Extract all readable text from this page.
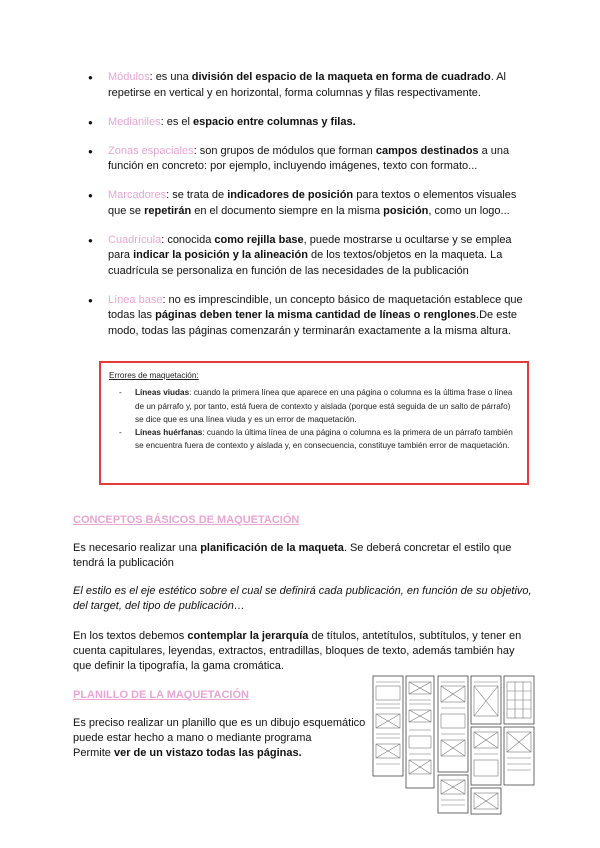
● Módulos: es una división del espacio de la maqueta en forma de cuadrado. Al repetirse en vertical y en horizontal, forma columnas y filas respectivamente.
● Medianiles: es el espacio entre columnas y filas.
● Zonas espaciales: son grupos de módulos que forman campos destinados a una función en concreto: por ejemplo, incluyendo imágenes, texto con formato...
● Marcadores: se trata de indicadores de posición para textos o elementos visuales que se repetirán en el documento siempre en la misma posición, como un logo...
● Cuadrícula: conocida como rejilla base, puede mostrarse u ocultarse y se emplea para indicar la posición y la alineación de los textos/objetos en la maqueta. La cuadrícula se personaliza en función de las necesidades de la publicación
● Línea base: no es imprescindible, un concepto básico de maquetación establece que todas las páginas deben tener la misma cantidad de líneas o renglones.De este modo, todas las páginas comenzarán y terminarán exactamente a la misma altura.
Errores de maquetación:
- Líneas viudas: cuando la primera línea que aparece en una página o columna es la última frase o línea de un párrafo y, por tanto, está fuera de contexto y aislada (porque está seguida de un salto de párrafo) se dice que es una línea viuda y es un error de maquetación.
- Líneas huérfanas: cuando la última línea de una página o columna es la primera de un párrafo también se encuentra fuera de contexto y aislada y, en consecuencia, constituye también error de maquetación.
CONCEPTOS BÁSICOS DE MAQUETACIÓN

Es necesario realizar una planificación de la maqueta. Se deberá concretar el estilo que tendrá la publicación

El estilo es el eje estético sobre el cual se definirá cada publicación, en función de su objetivo, del target, del tipo de publicación…

En los textos debemos contemplar la jerarquía de títulos, antetítulos, subtítulos, y tener en cuenta capitulares, leyendas, extractos, entradillas, bloques de texto, además también hay que definir la tipografía, la gama cromática.

PLANILLO DE LA MAQUETACIÓN

Es preciso realizar un planillo que es un dibujo esquemático
puede estar hecho a mano o mediante programa
Permite ver de un vistazo todas las páginas.
